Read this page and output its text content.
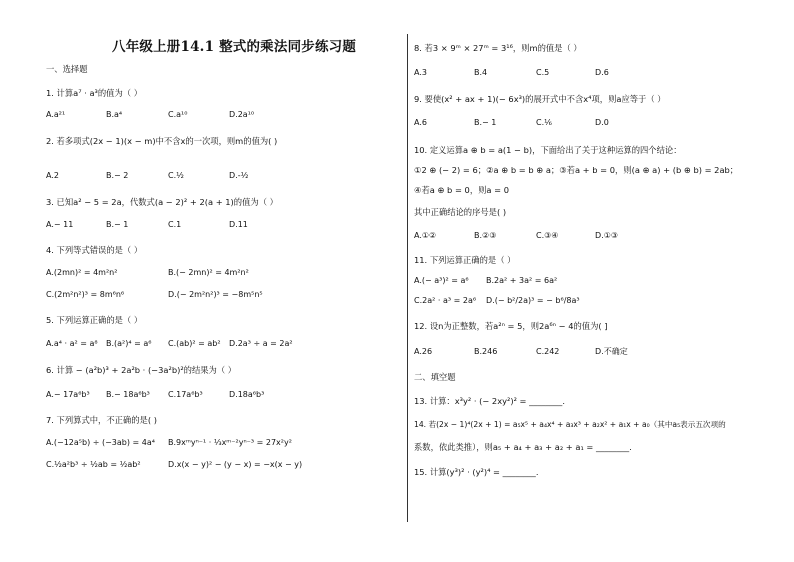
八年级上册14.1 整式的乘法同步练习题
一、选择题
1. 计算a⁷ · a³的值为（ ）
A.a²¹	B.a⁴	C.a¹⁰	D.2a¹⁰
2. 若多项式(2x − 1)(x − m)中不含x的一次项，则m的值为( )
A.2	B.− 2	C.½	D.-½
3. 已知a² − 5 = 2a，代数式(a − 2)² + 2(a + 1)的值为（ ）
A.− 11	B.− 1	C.1	D.11
4. 下列等式错误的是（ ）
A.(2mn)² = 4m²n²	B.(− 2mn)² = 4m²n²
C.(2m²n²)³ = 8m⁶n⁶	D.(− 2m²n²)³ = −8m⁵n⁵
5. 下列运算正确的是（ ）
A.a⁴ · a² = a⁸ B.(a²)⁴ = a⁶ C.(ab)² = ab² D.2a³ ÷ a = 2a²
6. 计算 − (a²b)³ + 2a²b · (−3a²b)²的结果为（ ）
A.− 17a⁶b³ B.− 18a⁶b³ C.17a⁶b³	D.18a⁶b³
7. 下列算式中，不正确的是( )
A.(−12a⁵b) ÷ (−3ab) = 4a⁴ B.9xᵐyⁿ⁻¹ · ⅓xᵐ⁻²yⁿ⁻³ = 27x²y²
C.½a²b³ ÷ ½ab = ½ab²	D.x(x − y)² − (y − x) = −x(x − y)
8. 若3 × 9ᵐ × 27ᵐ = 3¹⁶，则m的值是（ ）
A.3	B.4	C.5	D.6
9. 要使(x² + ax + 1)(− 6x³)的展开式中不含x⁴项，则a应等于（ ）
A.6	B.− 1	C.⅙	D.0
10. 定义运算a ⊕ b = a(1 − b)，下面给出了关于这种运算的四个结论：
①2 ⊕ (− 2) = 6；②a ⊕ b = b ⊕ a；③若a + b = 0，则(a ⊕ a) + (b ⊕ b) = 2ab；
④若a ⊕ b = 0，则a = 0
其中正确结论的序号是( )
A.①②	B.②③	C.③④	D.①③
11. 下列运算正确的是（ ）
A.(− a³)² = a⁶ B.2a² + 3a² = 6a²
C.2a² · a³ = 2a⁶ D.(− b²/2a)³ = − b⁶/8a³
12. 设n为正整数，若a²ⁿ = 5，则2a⁶ⁿ − 4的值为( ]
A.26	B.246	C.242	D.不确定
二、填空题
13. 计算：x³y² · (− 2xy²)² = ________.
14. 若(2x − 1)⁴(2x + 1) = a₅x⁵ + a₄x⁴ + a₃x³ + a₂x² + a₁x + a₀（其中a₅表示五次项的
系数，依此类推），则a₅ + a₄ + a₃ + a₂ + a₁ = ________.
15. 计算(y³)² · (y²)⁴ = ________.
